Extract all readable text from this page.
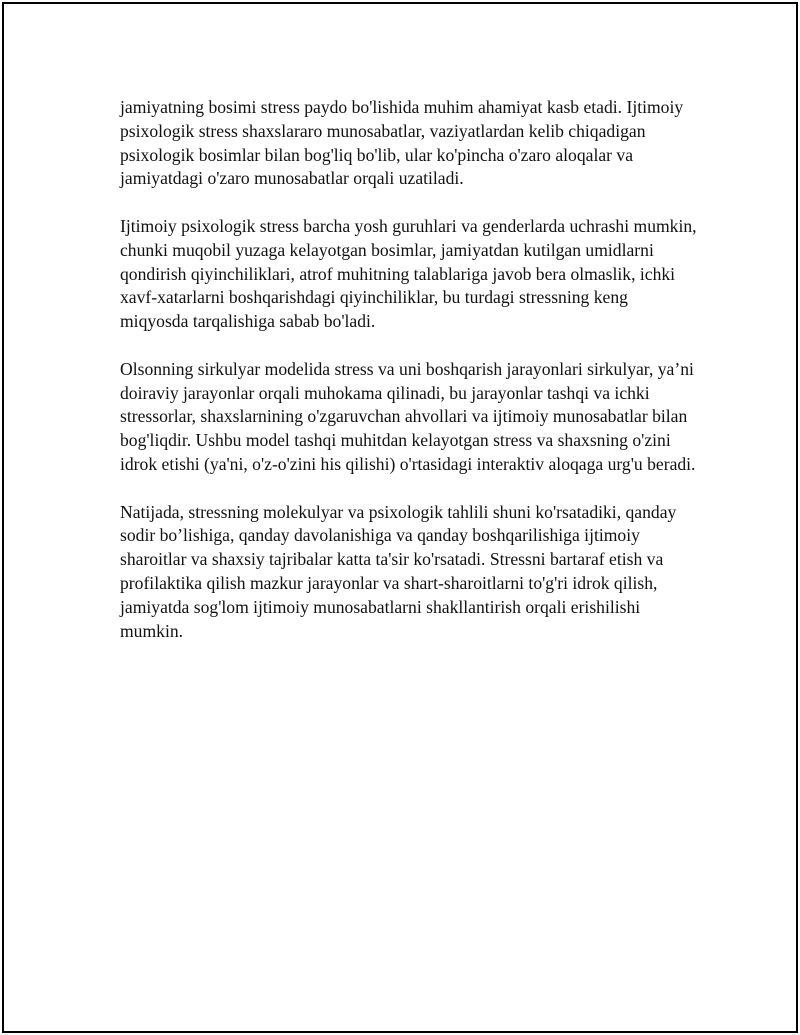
jamiyatning bosimi stress paydo bo'lishida muhim ahamiyat kasb etadi. Ijtimoiy psixologik stress shaxslararo munosabatlar, vaziyatlardan kelib chiqadigan psixologik bosimlar bilan bog'liq bo'lib, ular ko'pincha o'zaro aloqalar va jamiyatdagi o'zaro munosabatlar orqali uzatiladi.

Ijtimoiy psixologik stress barcha yosh guruhlari va genderlarda uchrashi mumkin, chunki muqobil yuzaga kelayotgan bosimlar, jamiyatdan kutilgan umidlarni qondirish qiyinchiliklari, atrof muhitning talablariga javob bera olmaslik, ichki xavf-xatarlarni boshqarishdagi qiyinchiliklar, bu turdagi stressning keng miqyosda tarqalishiga sabab bo'ladi.

Olsonning sirkulyar modelida stress va uni boshqarish jarayonlari sirkulyar, ya’ni doiraviy jarayonlar orqali muhokama qilinadi, bu jarayonlar tashqi va ichki stressorlar, shaxslarnining o'zgaruvchan ahvollari va ijtimoiy munosabatlar bilan bog'liqdir. Ushbu model tashqi muhitdan kelayotgan stress va shaxsning o'zini idrok etishi (ya'ni, o'z-o'zini his qilishi) o'rtasidagi interaktiv aloqaga urg'u beradi.

Natijada, stressning molekulyar va psixologik tahlili shuni ko'rsatadiki, qanday sodir bo’lishiga, qanday davolanishiga va qanday boshqarilishiga ijtimoiy sharoitlar va shaxsiy tajribalar katta ta'sir ko'rsatadi. Stressni bartaraf etish va profilaktika qilish mazkur jarayonlar va shart-sharoitlarni to'g'ri idrok qilish, jamiyatda sog'lom ijtimoiy munosabatlarni shakllantirish orqali erishilishi mumkin.
